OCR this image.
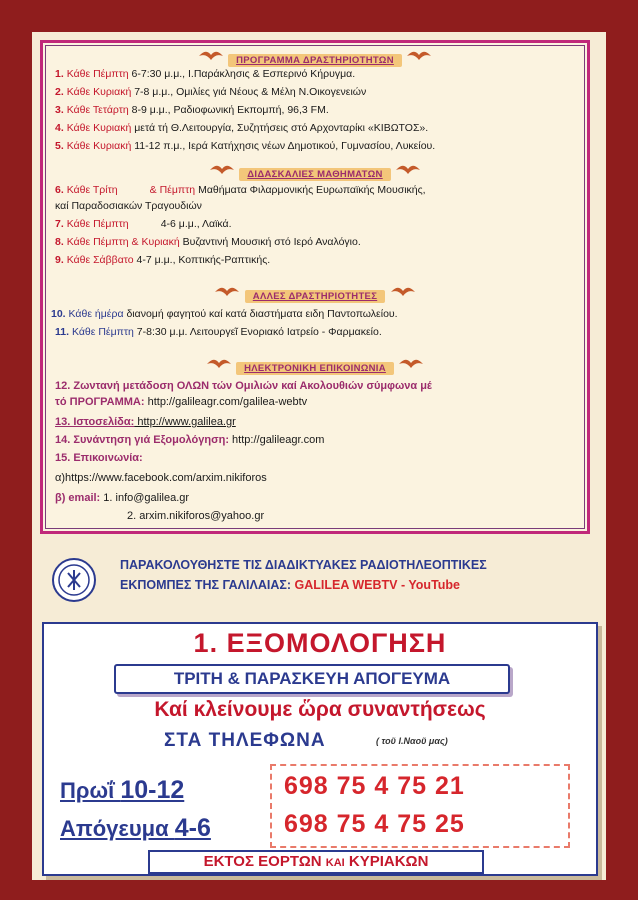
ΠΡΟΓΡΑΜΜΑ ΔΡΑΣΤΗΡΙΟΤΗΤΩΝ
1. Κάθε Πέμπτη 6-7:30 μ.μ., Ι.Παράκλησις & Εσπερινό Κήρυγμα.
2. Κάθε Κυριακή 7-8 μ.μ., Ομιλίες γιά Νέους & Μέλη Ν.Οικογενειών
3. Κάθε Τετάρτη 8-9 μ.μ., Ραδιοφωνική Εκπομπή, 96,3 FM.
4. Κάθε Κυριακή μετά τή Θ.Λειτουργία, Συζητήσεις στό Αρχονταρίκι «ΚΙΒΩΤΟΣ».
5. Κάθε Κυριακή 11-12 π.μ., Ιερά Κατήχησις νέων Δημοτικού, Γυμνασίου, Λυκείου.
ΔΙΔΑΣΚΑΛΙΕΣ ΜΑΘΗΜΑΤΩΝ
6. Κάθε Τρίτη           & Πέμπτη Μαθήματα Φιλαρμονικής Ευρωπαϊκής Μουσικής,
καί Παραδοσιακών Τραγουδιών
7. Κάθε Πέμπτη           4-6 μ.μ., Λαϊκά.
8. Κάθε Πέμπτη & Κυριακή Βυζαντινή Μουσική στό Ιερό Αναλόγιο.
9. Κάθε Σάββατο 4-7 μ.μ., Κοπτικής-Ραπτικής.
ΑΛΛΕΣ ΔΡΑΣΤΗΡΙΟΤΗΤΕΣ
10. Κάθε ήμέρα διανομή φαγητού καί κατά διαστήματα ειδη Παντοπωλείου.
11. Κάθε Πέμπτη 7-8:30 μ.μ. Λειτουργεῖ Ενοριακό Ιατρείο - Φαρμακείο.
ΗΛΕΚΤΡΟΝΙΚΗ ΕΠΙΚΟΙΝΩΝΙΑ
12. Ζωντανή μετάδοση ΟΛΩΝ τών Ομιλιών καί Ακολουθιών σύμφωνα μέ
τό ΠΡΟΓΡΑΜΜΑ: http://galileagr.com/galilea-webtv
13. Ιστοσελίδα: http://www.galilea.gr
14. Συνάντηση γιά Εξομολόγηση: http://galileagr.com
15. Επικοινωνία:
α)https://www.facebook.com/arxim.nikiforos
β) email: 1. info@galilea.gr
2. arxim.nikiforos@yahoo.gr
ΠΑΡΑΚΟΛΟΥΘΗΣΤΕ ΤΙΣ ΔΙΑΔΙΚΤΥΑΚΕΣ ΡΑΔΙΟΤΗΛΕΟΠΤΙΚΕΣ
ΕΚΠΟΜΠΕΣ ΤΗΣ ΓΑΛΙΛΑΙΑΣ: GALILEA WEBTV - YouTube
1. ΕΞΟΜΟΛΟΓΗΣΗ
ΤΡΙΤΗ & ΠΑΡΑΣΚΕΥΗ ΑΠΟΓΕΥΜΑ
Καί κλείνουμε ὥρα συναντήσεως
ΣΤΑ ΤΗΛΕΦΩΝΑ	( τοῦ Ι.Ναοῦ μας)
Πρωΐ 10-12
Απόγευμα 4-6
698 75 4 75 21
698 75 4 75 25
ΕΚΤΟΣ ΕΟΡΤΩΝ ΚΑΙ ΚΥΡΙΑΚΩΝ
